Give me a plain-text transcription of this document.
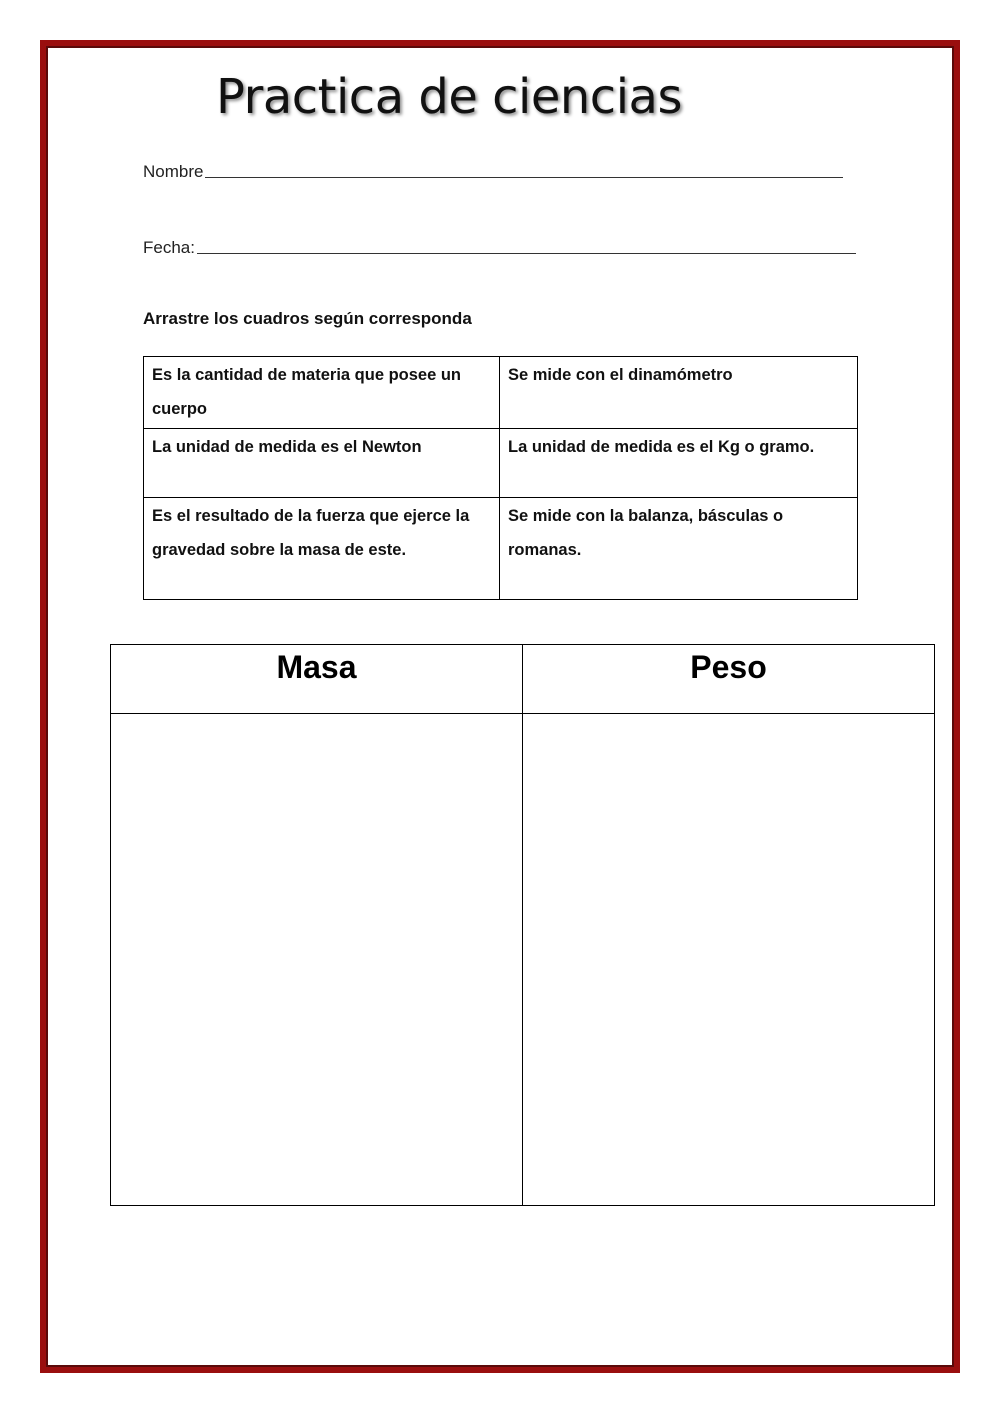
Practica de ciencias
Nombre
Fecha:
Arrastre los cuadros según corresponda
Es la cantidad de materia que posee un cuerpo	Se mide con el dinamómetro
La unidad de medida es el Newton	La unidad de medida es el Kg o gramo.
Es el resultado de la fuerza que ejerce la gravedad sobre la masa de este.	Se mide con la balanza, básculas o romanas.
Masa	Peso
